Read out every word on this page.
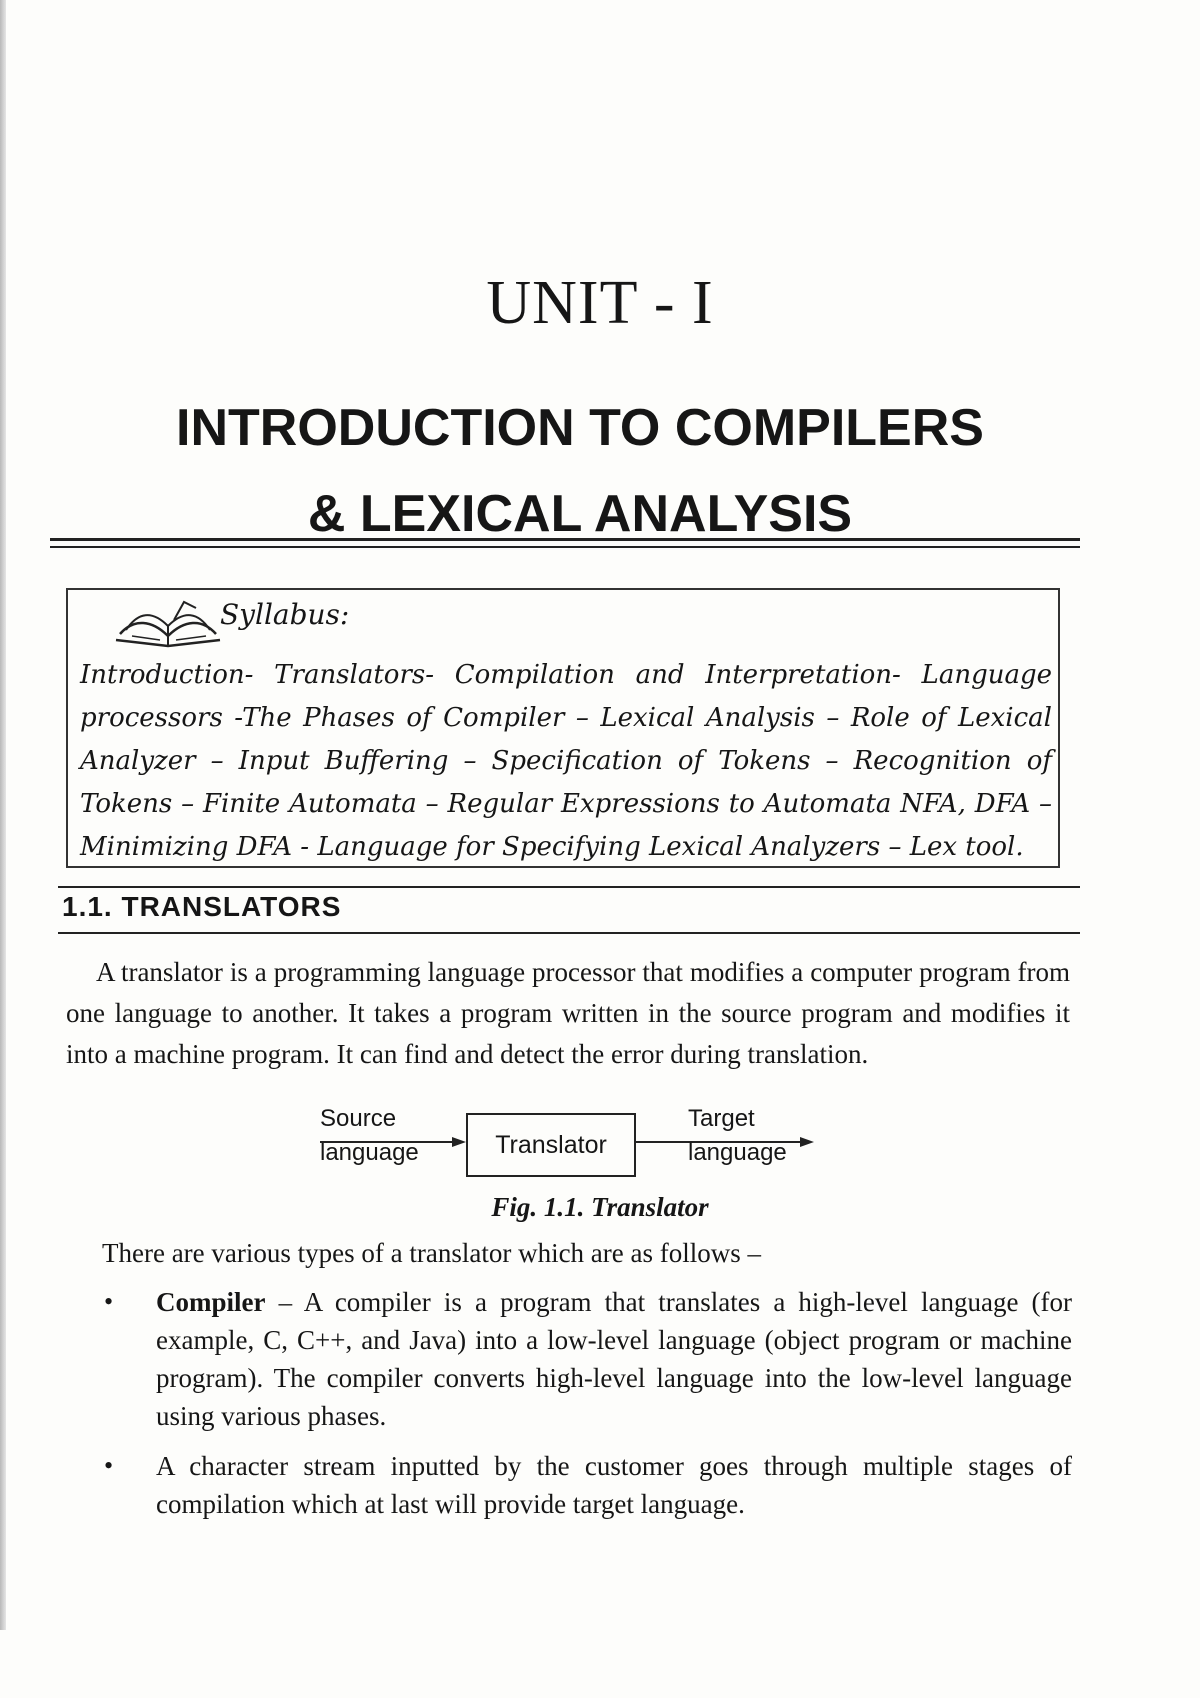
UNIT - I
INTRODUCTION TO COMPILERS
& LEXICAL ANALYSIS
Syllabus:
Introduction- Translators- Compilation and Interpretation- Language processors -The Phases of Compiler – Lexical Analysis – Role of Lexical Analyzer – Input Buffering – Specification of Tokens – Recognition of Tokens – Finite Automata – Regular Expressions to Automata NFA, DFA – Minimizing DFA - Language for Specifying Lexical Analyzers – Lex tool.
1.1. TRANSLATORS

A translator is a programming language processor that modifies a computer program from one language to another. It takes a program written in the source program and modifies it into a machine program. It can find and detect the error during translation.

Source
language	Translator
Target
language
Fig. 1.1. Translator
There are various types of a translator which are as follows –
• Compiler – A compiler is a program that translates a high-level language (for example, C, C++, and Java) into a low-level language (object program or machine program). The compiler converts high-level language into the low-level language using various phases.
• A character stream inputted by the customer goes through multiple stages of compilation which at last will provide target language.
